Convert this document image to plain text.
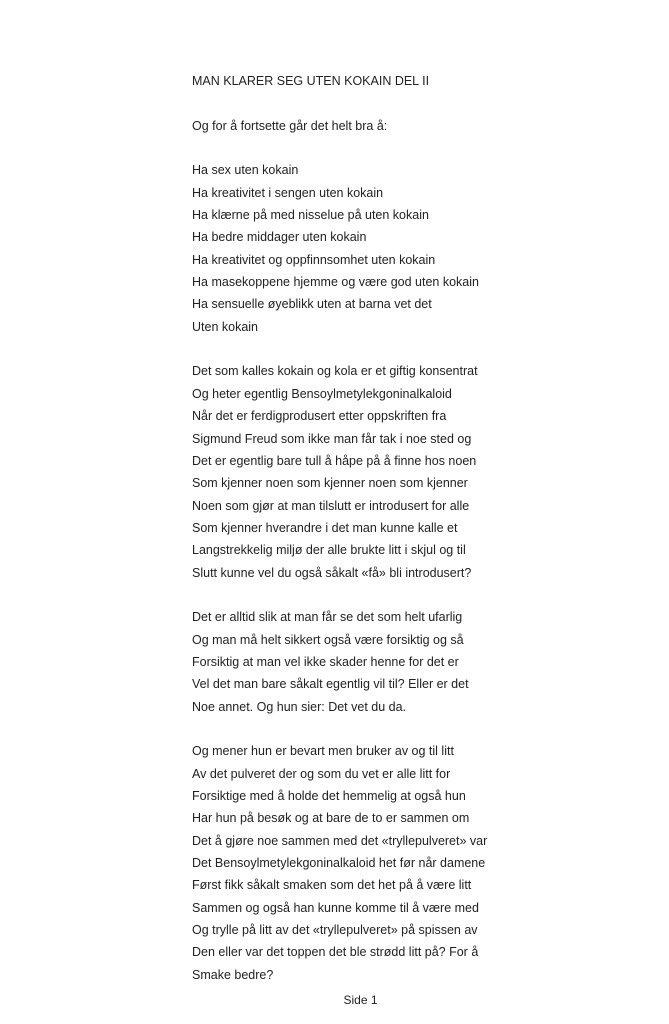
MAN KLARER SEG UTEN KOKAIN DEL II
Og for å fortsette går det helt bra å:
Ha sex uten kokain
Ha kreativitet i sengen uten kokain
Ha klærne på med nisselue på uten kokain
Ha bedre middager uten kokain
Ha kreativitet og oppfinnsomhet uten kokain
Ha masekoppene hjemme og være god uten kokain
Ha sensuelle øyeblikk uten at barna vet det
Uten kokain
Det som kalles kokain og kola er et giftig konsentrat
Og heter egentlig Bensoylmetylekgoninalkaloid
Når det er ferdigprodusert etter oppskriften fra
Sigmund Freud som ikke man får tak i noe sted og
Det er egentlig bare tull å håpe på å finne hos noen
Som kjenner noen som kjenner noen som kjenner
Noen som gjør at man tilslutt er introdusert for alle
Som kjenner hverandre i det man kunne kalle et
Langstrekkelig miljø der alle brukte litt i skjul og til
Slutt kunne vel du også såkalt «få» bli introdusert?
Det er alltid slik at man får se det som helt ufarlig
Og man må helt sikkert også være forsiktig og så
Forsiktig at man vel ikke skader henne for det er
Vel det man bare såkalt egentlig vil til? Eller er det
Noe annet. Og hun sier: Det vet du da.
Og mener hun er bevart men bruker av og til litt
Av det pulveret der og som du vet er alle litt for
Forsiktige med å holde det hemmelig at også hun
Har hun på besøk og at bare de to er sammen om
Det å gjøre noe sammen med det «tryllepulveret» var
Det Bensoylmetylekgoninalkaloid het før når damene
Først fikk såkalt smaken som det het på å være litt
Sammen og også han kunne komme til å være med
Og trylle på litt av det «tryllepulveret» på spissen av
Den eller var det toppen det ble strødd litt på? For å
Smake bedre?
Side 1
